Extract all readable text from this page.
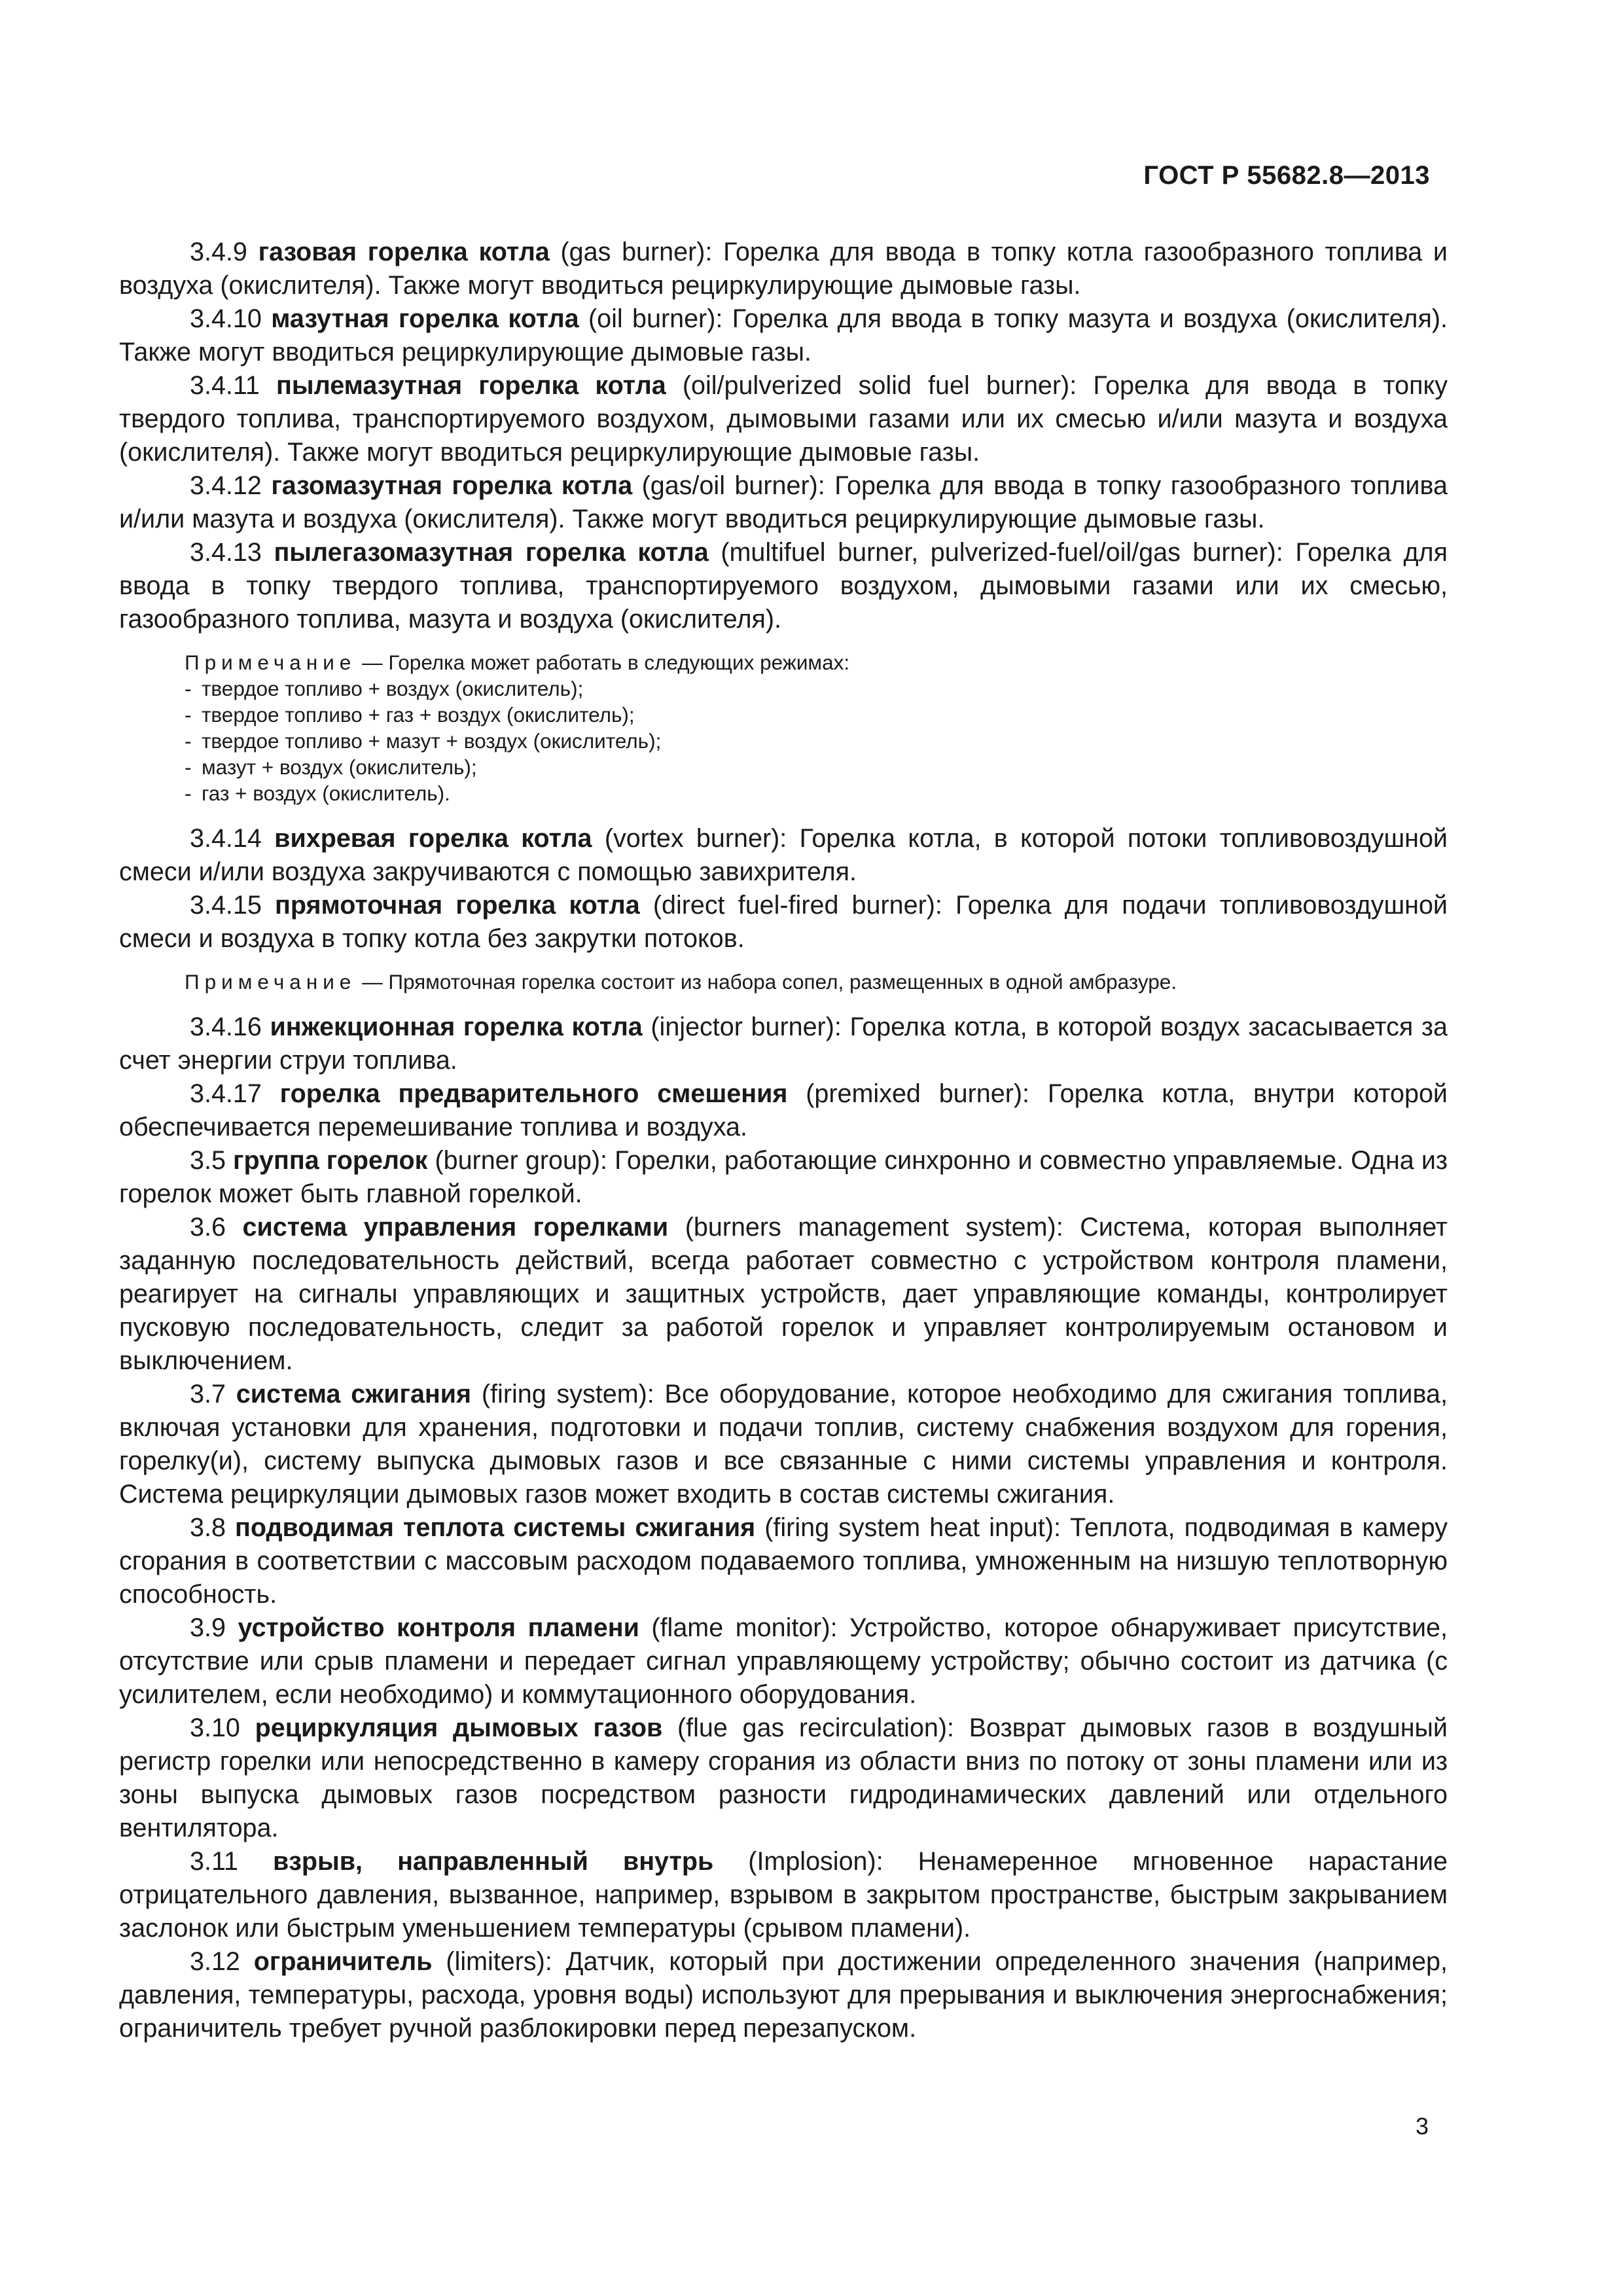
ГОСТ Р 55682.8—2013

3.4.9 газовая горелка котла (gas burner): Горелка для ввода в топку котла газообразного топлива и воздуха (окислителя). Также могут вводиться рециркулирующие дымовые газы.

3.4.10 мазутная горелка котла (oil burner): Горелка для ввода в топку мазута и воздуха (окислителя). Также могут вводиться рециркулирующие дымовые газы.

3.4.11 пылемазутная горелка котла (oil/pulverized solid fuel burner): Горелка для ввода в топку твердого топлива, транспортируемого воздухом, дымовыми газами или их смесью и/или мазута и воздуха (окислителя). Также могут вводиться рециркулирующие дымовые газы.

3.4.12 газомазутная горелка котла (gas/oil burner): Горелка для ввода в топку газообразного топлива и/или мазута и воздуха (окислителя). Также могут вводиться рециркулирующие дымовые газы.

3.4.13 пылегазомазутная горелка котла (multifuel burner, pulverized-fuel/oil/gas burner): Горелка для ввода в топку твердого топлива, транспортируемого воздухом, дымовыми газами или их смесью, газообразного топлива, мазута и воздуха (окислителя).

Примечание — Горелка может работать в следующих режимах:

- твердое топливо + воздух (окислитель);
- твердое топливо + газ + воздух (окислитель);
- твердое топливо + мазут + воздух (окислитель);
- мазут + воздух (окислитель);
- газ + воздух (окислитель).

3.4.14 вихревая горелка котла (vortex burner): Горелка котла, в которой потоки топливовоздушной смеси и/или воздуха закручиваются с помощью завихрителя.

3.4.15 прямоточная горелка котла (direct fuel-fired burner): Горелка для подачи топливовоздушной смеси и воздуха в топку котла без закрутки потоков.

Примечание — Прямоточная горелка состоит из набора сопел, размещенных в одной амбразуре.

3.4.16 инжекционная горелка котла (injector burner): Горелка котла, в которой воздух засасывается за счет энергии струи топлива.

3.4.17 горелка предварительного смешения (premixed burner): Горелка котла, внутри которой обеспечивается перемешивание топлива и воздуха.

3.5 группа горелок (burner group): Горелки, работающие синхронно и совместно управляемые. Одна из горелок может быть главной горелкой.

3.6 система управления горелками (burners management system): Система, которая выполняет заданную последовательность действий, всегда работает совместно с устройством контроля пламени, реагирует на сигналы управляющих и защитных устройств, дает управляющие команды, контролирует пусковую последовательность, следит за работой горелок и управляет контролируемым остановом и выключением.

3.7 система сжигания (firing system): Все оборудование, которое необходимо для сжигания топлива, включая установки для хранения, подготовки и подачи топлив, систему снабжения воздухом для горения, горелку(и), систему выпуска дымовых газов и все связанные с ними системы управления и контроля. Система рециркуляции дымовых газов может входить в состав системы сжигания.

3.8 подводимая теплота системы сжигания (firing system heat input): Теплота, подводимая в камеру сгорания в соответствии с массовым расходом подаваемого топлива, умноженным на низшую теплотворную способность.

3.9 устройство контроля пламени (flame monitor): Устройство, которое обнаруживает присутствие, отсутствие или срыв пламени и передает сигнал управляющему устройству; обычно состоит из датчика (с усилителем, если необходимо) и коммутационного оборудования.

3.10 рециркуляция дымовых газов (flue gas recirculation): Возврат дымовых газов в воздушный регистр горелки или непосредственно в камеру сгорания из области вниз по потоку от зоны пламени или из зоны выпуска дымовых газов посредством разности гидродинамических давлений или отдельного вентилятора.

3.11 взрыв, направленный внутрь (Implosion): Ненамеренное мгновенное нарастание отрицательного давления, вызванное, например, взрывом в закрытом пространстве, быстрым закрыванием заслонок или быстрым уменьшением температуры (срывом пламени).

3.12 ограничитель (limiters): Датчик, который при достижении определенного значения (например, давления, температуры, расхода, уровня воды) используют для прерывания и выключения энергоснабжения; ограничитель требует ручной разблокировки перед перезапуском.

3
